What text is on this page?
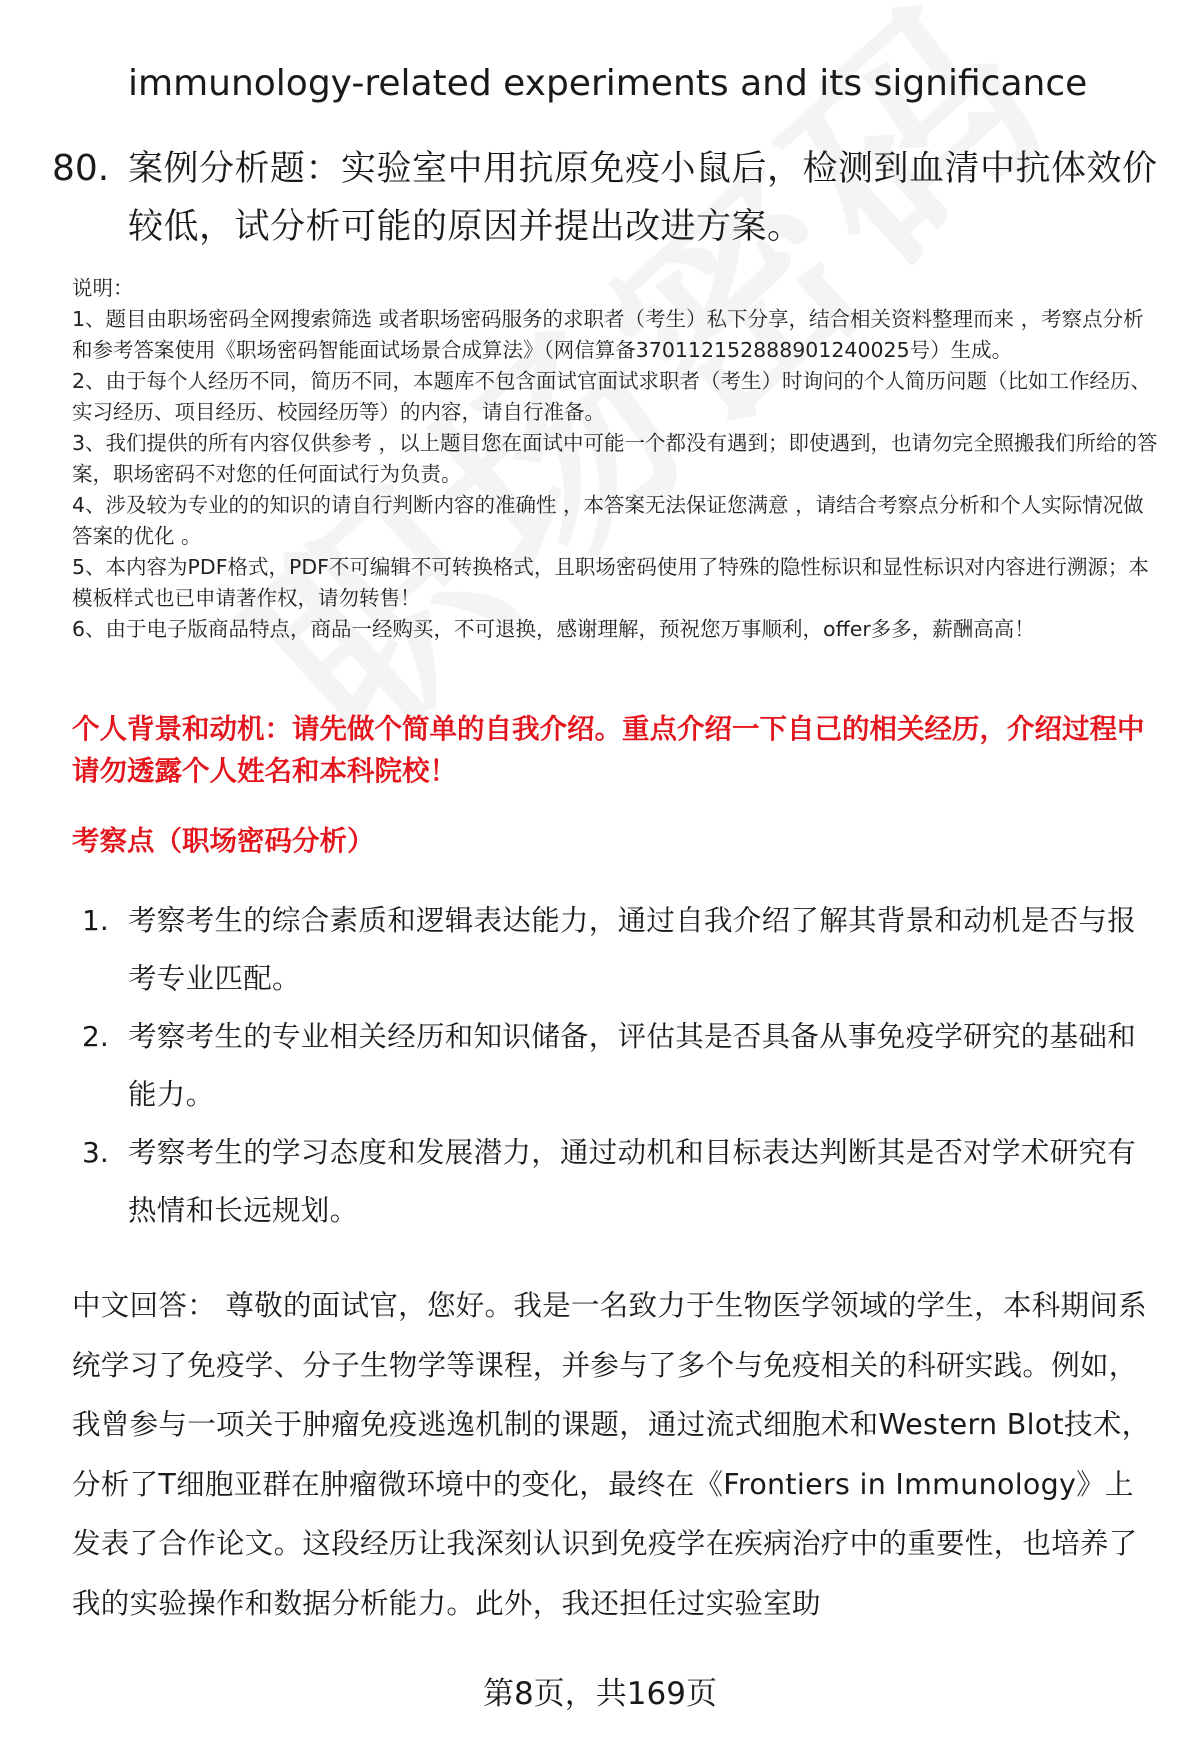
immunology-related experiments and its significance
80. 案例分析题：实验室中用抗原免疫小鼠后，检测到血清中抗体效价较低，试分析可能的原因并提出改进方案。
说明：
1、题目由职场密码全网搜索筛选 或者职场密码服务的求职者（考生）私下分享，结合相关资料整理而来 ，考察点分析和参考答案使用《职场密码智能面试场景合成算法》（网信算备370112152888901240025号）生成。
2、由于每个人经历不同，简历不同，本题库不包含面试官面试求职者（考生）时询问的个人简历问题（比如工作经历、实习经历、项目经历、校园经历等）的内容，请自行准备。
3、我们提供的所有内容仅供参考 ，以上题目您在面试中可能一个都没有遇到；即使遇到，也请勿完全照搬我们所给的答案，职场密码不对您的任何面试行为负责。
4、涉及较为专业的的知识的请自行判断内容的准确性 ，本答案无法保证您满意 ，请结合考察点分析和个人实际情况做答案的优化 。
5、本内容为PDF格式，PDF不可编辑不可转换格式，且职场密码使用了特殊的隐性标识和显性标识对内容进行溯源；本模板样式也已申请著作权，请勿转售！
6、由于电子版商品特点，商品一经购买，不可退换，感谢理解，预祝您万事顺利，offer多多，薪酬高高！
个人背景和动机：请先做个简单的自我介绍。重点介绍一下自己的相关经历，介绍过程中请勿透露个人姓名和本科院校！
考察点（职场密码分析）
1. 考察考生的综合素质和逻辑表达能力，通过自我介绍了解其背景和动机是否与报考专业匹配。
2. 考察考生的专业相关经历和知识储备，评估其是否具备从事免疫学研究的基础和能力。
3. 考察考生的学习态度和发展潜力，通过动机和目标表达判断其是否对学术研究有热情和长远规划。
中文回答： 尊敬的面试官，您好。我是一名致力于生物医学领域的学生，本科期间系统学习了免疫学、分子生物学等课程，并参与了多个与免疫相关的科研实践。例如，我曾参与一项关于肿瘤免疫逃逸机制的课题，通过流式细胞术和Western Blot技术，分析了T细胞亚群在肿瘤微环境中的变化，最终在《Frontiers in Immunology》上发表了合作论文。这段经历让我深刻认识到免疫学在疾病治疗中的重要性，也培养了我的实验操作和数据分析能力。此外，我还担任过实验室助
第8页，共169页
